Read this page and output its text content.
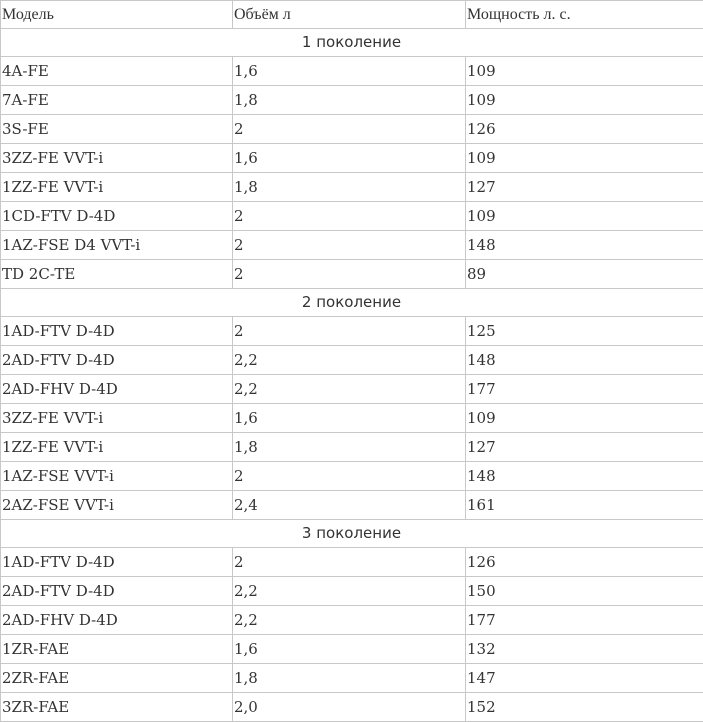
Модель	Объём л	Мощность л. с.
1 поколение		
4A-FE	1,6	109
7A-FE	1,8	109
3S-FE	2	126
3ZZ-FE VVT-i	1,6	109
1ZZ-FE VVT-i	1,8	127
1CD-FTV D-4D	2	109
1AZ-FSE D4 VVT-i	2	148
TD 2C-TE	2	89
2 поколение		
1AD-FTV D-4D	2	125
2AD-FTV D-4D	2,2	148
2AD-FHV D-4D	2,2	177
3ZZ-FE VVT-i	1,6	109
1ZZ-FE VVT-i	1,8	127
1AZ-FSE VVT-i	2	148
2AZ-FSE VVT-i	2,4	161
3 поколение		
1AD-FTV D-4D	2	126
2AD-FTV D-4D	2,2	150
2AD-FHV D-4D	2,2	177
1ZR-FAE	1,6	132
2ZR-FAE	1,8	147
3ZR-FAE	2,0	152
